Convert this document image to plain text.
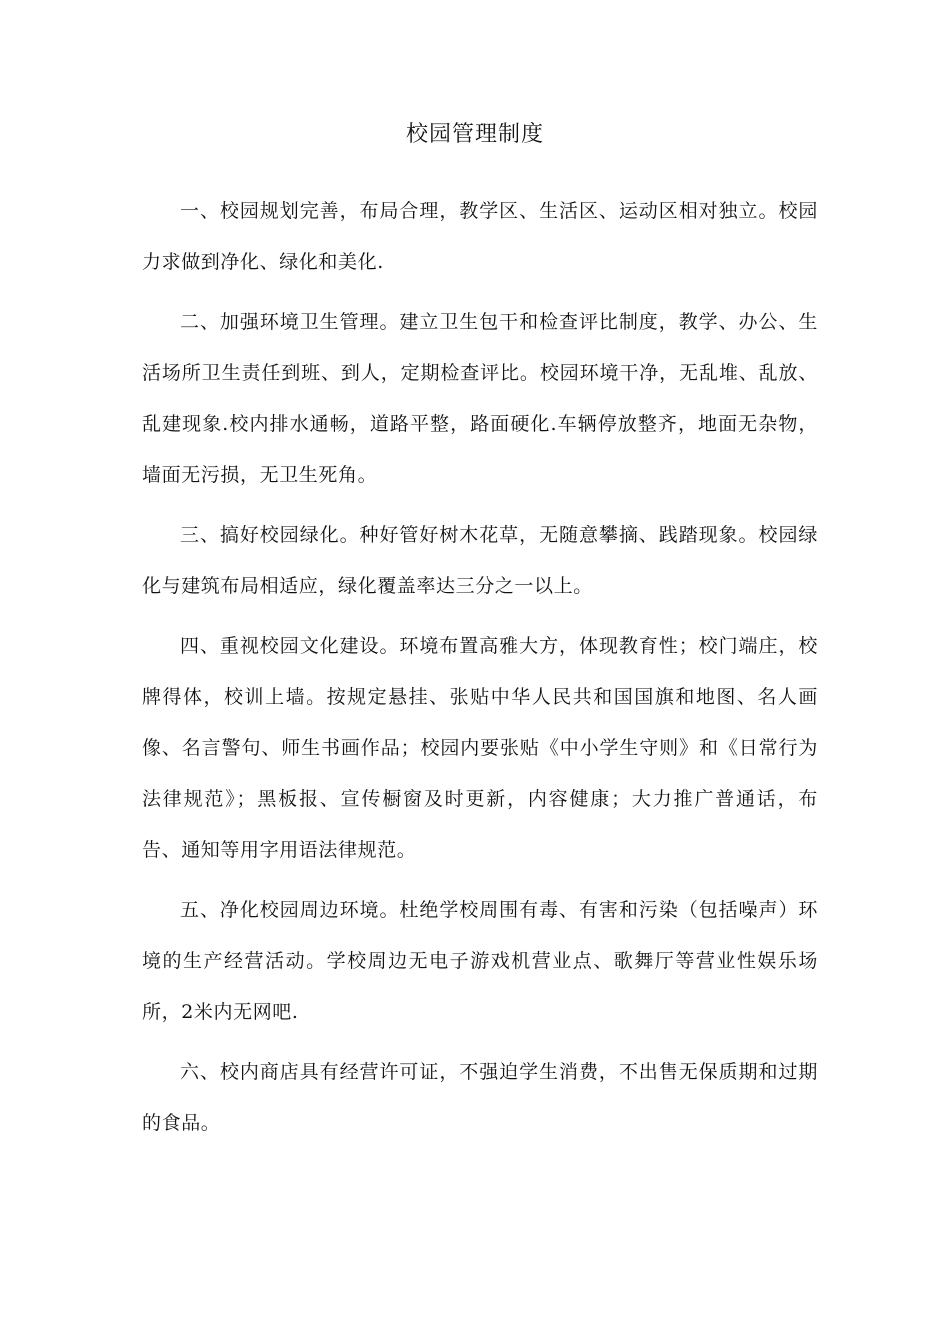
校园管理制度

一、校园规划完善，布局合理，教学区、生活区、运动区相对独立。校园力求做到净化、绿化和美化.

二、加强环境卫生管理。建立卫生包干和检查评比制度，教学、办公、生活场所卫生责任到班、到人，定期检查评比。校园环境干净，无乱堆、乱放、乱建现象.校内排水通畅，道路平整，路面硬化.车辆停放整齐，地面无杂物，墙面无污损，无卫生死角。

三、搞好校园绿化。种好管好树木花草，无随意攀摘、践踏现象。校园绿化与建筑布局相适应，绿化覆盖率达三分之一以上。

四、重视校园文化建设。环境布置高雅大方，体现教育性；校门端庄，校牌得体，校训上墙。按规定悬挂、张贴中华人民共和国国旗和地图、名人画像、名言警句、师生书画作品；校园内要张贴《中小学生守则》和《日常行为法律规范》；黑板报、宣传橱窗及时更新，内容健康；大力推广普通话，布告、通知等用字用语法律规范。

五、净化校园周边环境。杜绝学校周围有毒、有害和污染（包括噪声）环境的生产经营活动。学校周边无电子游戏机营业点、歌舞厅等营业性娱乐场所，2米内无网吧.

六、校内商店具有经营许可证，不强迫学生消费，不出售无保质期和过期的食品。
